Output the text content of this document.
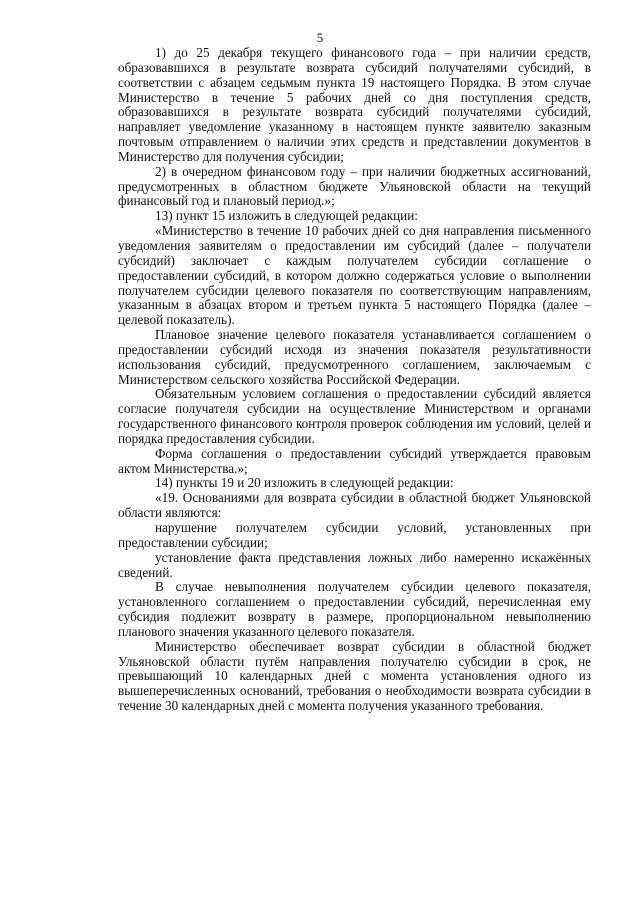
5

1) до 25 декабря текущего финансового года – при наличии средств, образовавшихся в результате возврата субсидий получателями субсидий, в соответствии с абзацем седьмым пункта 19 настоящего Порядка. В этом случае Министерство в течение 5 рабочих дней со дня поступления средств, образовавшихся в результате возврата субсидий получателями субсидий, направляет уведомление указанному в настоящем пункте заявителю заказным почтовым отправлением о наличии этих средств и представлении документов в Министерство для получения субсидии;

2) в очередном финансовом году – при наличии бюджетных ассигнований, предусмотренных в областном бюджете Ульяновской области на текущий финансовый год и плановый период.»;

13) пункт 15 изложить в следующей редакции:

«Министерство в течение 10 рабочих дней со дня направления письменного уведомления заявителям о предоставлении им субсидий (далее – получатели субсидий) заключает с каждым получателем субсидии соглашение о предоставлении субсидий, в котором должно содержаться условие о выполнении получателем субсидии целевого показателя по соответствующим направлениям, указанным в абзацах втором и третьем пункта 5 настоящего Порядка (далее – целевой показатель).

Плановое значение целевого показателя устанавливается соглашением о предоставлении субсидий исходя из значения показателя результативности использования субсидий, предусмотренного соглашением, заключаемым с Министерством сельского хозяйства Российской Федерации.

Обязательным условием соглашения о предоставлении субсидий является согласие получателя субсидии на осуществление Министерством и органами государственного финансового контроля проверок соблюдения им условий, целей и порядка предоставления субсидии.

Форма соглашения о предоставлении субсидий утверждается правовым актом Министерства.»;

14) пункты 19 и 20 изложить в следующей редакции:

«19. Основаниями для возврата субсидии в областной бюджет Ульяновской области являются:

нарушение получателем субсидии условий, установленных при предоставлении субсидии;

установление факта представления ложных либо намеренно искажённых сведений.

В случае невыполнения получателем субсидии целевого показателя, установленного соглашением о предоставлении субсидий, перечисленная ему субсидия подлежит возврату в размере, пропорциональном невыполнению планового значения указанного целевого показателя.

Министерство обеспечивает возврат субсидии в областной бюджет Ульяновской области путём направления получателю субсидии в срок, не превышающий 10 календарных дней с момента установления одного из вышеперечисленных оснований, требования о необходимости возврата субсидии в течение 30 календарных дней с момента получения указанного требования.
